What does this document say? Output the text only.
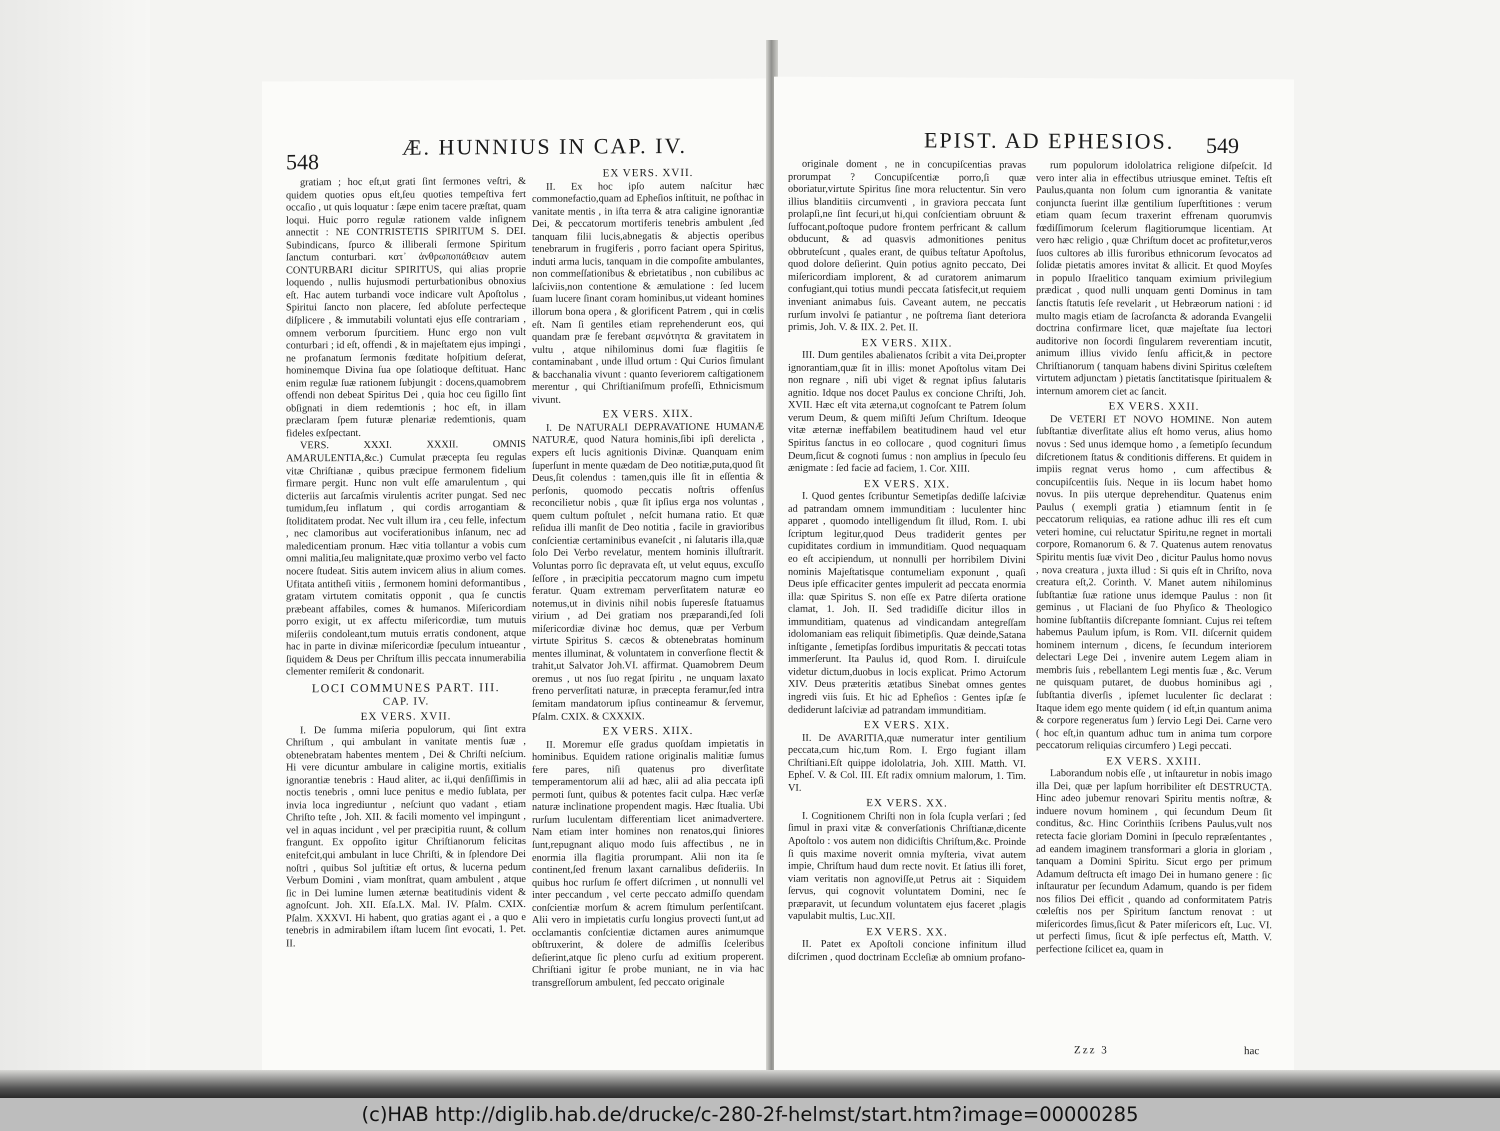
548
Æ. HUNNIUS IN CAP. IV.

gratiam ; hoc eſt,ut grati ſint ſermones veſtri, & quidem quoties opus eſt,ſeu quoties tempeſtiva fert occaſio , ut quis loquatur : ſæpe enim tacere præſtat, quam loqui. Huic porro regulæ rationem valde inſignem annectit : NE CONTRISTETIS SPIRITUM S. DEI. Subindicans, ſpurco & illiberali ſermone Spiritum ſanctum conturbari. κατ᾽ ἀνθρωποπάθειαν autem CONTURBARI dicitur SPIRITUS, qui alias proprie loquendo , nullis hujusmodi perturbationibus obnoxius eſt. Hac autem turbandi voce indicare vult Apoſtolus , Spiritui ſancto non placere, ſed abſolute perfecteque diſplicere , & immutabili voluntati ejus eſſe contrariam , omnem verborum ſpurcitiem. Hunc ergo non vult conturbari ; id eſt, offendi , & in majeſtatem ejus impingi , ne profanatum ſermonis fœditate hoſpitium deſerat, hominemque Divina ſua ope ſolatioque deſtituat. Hanc enim regulæ ſuæ rationem ſubjungit : docens,quamobrem offendi non debeat Spiritus Dei , quia hoc ceu ſigillo ſint obſignati in diem redemtionis ; hoc eſt, in illam præclaram ſpem futuræ plenariæ redemtionis, quam fideles exſpectant.

VERS. XXXI. XXXII. OMNIS AMARULENTIA,&c.) Cumulat præcepta ſeu regulas vitæ Chriſtianæ , quibus præcipue fermonem fidelium firmare pergit. Hunc non vult eſſe amarulentum , qui dicteriis aut ſarcaſmis virulentis acriter pungat. Sed nec tumidum,ſeu inflatum , qui cordis arrogantiam & ſtoliditatem prodat. Nec vult illum ira , ceu felle, infectum , nec clamoribus aut vociferationibus inſanum, nec ad maledicentiam pronum. Hæc vitia tollantur a vobis cum omni malitia,ſeu malignitate,quæ proximo verbo vel facto nocere ſtudeat. Sitis autem invicem alius in alium comes. Ufitata antitheſi vitiis , ſermonem homini deformantibus , gratam virtutem comitatis opponit , qua ſe cunctis præbeant affabiles, comes & humanos. Miſericordiam porro exigit, ut ex affectu miſericordiæ, tum mutuis miſeriis condoleant,tum mutuis erratis condonent, atque hac in parte in divinæ miſericordiæ ſpeculum intueantur , ſiquidem & Deus per Chriſtum illis peccata innumerabilia clementer remiſerit & condonarit.

LOCI COMMUNES PART. III.

CAP. IV.

EX VERS. XVII.

I. De ſumma miſeria populorum, qui ſint extra Chriſtum , qui ambulant in vanitate mentis ſuæ , obtenebratam habentes mentem , Dei & Chriſti neſcium. Hi vere dicuntur ambulare in caligine mortis, exitialis ignorantiæ tenebris : Haud aliter, ac ii,qui denſiſſimis in noctis tenebris , omni luce penitus e medio ſublata, per invia loca ingrediuntur , neſciunt quo vadant , etiam Chriſto teſte , Joh. XII. & facili momento vel impingunt , vel in aquas incidunt , vel per præcipitia ruunt, & collum frangunt. Ex oppoſito igitur Chriſtianorum felicitas enitefcit,qui ambulant in luce Chriſti, & in ſplendore Dei noſtri , quibus Sol juſtitiæ eſt ortus, & lucerna pedum Verbum Domini , viam monſtrat, quam ambulent , atque ſic in Dei lumine lumen æternæ beatitudinis vident & agnoſcunt. Joh. XII. Eſa.LX. Mal. IV. Pſalm. CXIX. Pſalm. XXXVI. Hi habent, quo gratias agant ei , a quo e tenebris in admirabilem iſtam lucem ſint evocati, 1. Pet. II.

EX VERS. XVII.

II. Ex hoc ipſo autem naſcitur hæc commonefactio,quam ad Epheſios inſtituit, ne poſthac in vanitate mentis , in iſta terra & atra caligine ignorantiæ Dei, & peccatorum mortiferis tenebris ambulent ,ſed tanquam filii lucis,abnegatis & abjectis operibus tenebrarum in frugiferis , porro faciant opera Spiritus, induti arma lucis, tanquam in die compoſite ambulantes, non commeſſationibus & ebrietatibus , non cubilibus ac laſciviis,non contentione & æmulatione : ſed lucem ſuam lucere ſinant coram hominibus,ut videant homines illorum bona opera , & glorificent Patrem , qui in cœlis eſt. Nam ſi gentiles etiam reprehenderunt eos, qui quandam præ ſe ferebant σεμνότητα & gravitatem in vultu , atque nihilominus domi ſuæ flagitiis ſe contaminabant , unde illud ortum : Qui Curios ſimulant & bacchanalia vivunt : quanto ſeveriorem caſtigationem merentur , qui Chriſtianiſmum profeſſi, Ethnicismum vivunt.

EX VERS. XIIX.

I. De NATURALI DEPRAVATIONE HUMANÆ NATURÆ, quod Natura hominis,ſibi ipſi derelicta , expers eſt lucis agnitionis Divinæ. Quanquam enim ſuperſunt in mente quædam de Deo notitiæ,puta,quod ſit Deus,ſit colendus : tamen,quis ille ſit in eſſentia & perſonis, quomodo peccatis noſtris offenſus reconcilietur nobis , quæ ſit ipſius erga nos voluntas , quem cultum poſtulet , neſcit humana ratio. Et quæ reſidua illi manſit de Deo notitia , facile in gravioribus conſcientiæ certaminibus evaneſcit , ni ſalutaris illa,quæ ſolo Dei Verbo revelatur, mentem hominis illuſtrarit. Voluntas porro ſic depravata eſt, ut velut equus, excuſſo ſeſſore , in præcipitia peccatorum magno cum impetu feratur. Quam extremam perverſitatem naturæ eo notemus,ut in divinis nihil nobis ſuperesſe ſtatuamus virium , ad Dei gratiam nos præparandi,ſed ſoli miſericordiæ divinæ hoc demus, quæ per Verbum virtute Spiritus S. cæcos & obtenebratas hominum mentes illuminat, & voluntatem in converſione flectit & trahit,ut Salvator Joh.VI. affirmat. Quamobrem Deum oremus , ut nos ſuo regat ſpiritu , ne unquam laxato freno perverſitati naturæ, in præcepta feramur,ſed intra ſemitam mandatorum ipſius contineamur & ſervemur, Pſalm. CXIX. & CXXXIX.

EX VERS. XIIX.

II. Moremur eſſe gradus quoſdam impietatis in hominibus. Equidem ratione originalis malitiæ ſumus fere pares, niſi quatenus pro diverſitate temperamentorum alii ad hæc, alii ad alia peccata ipſi permoti ſunt, quibus & potentes facit culpa. Hæc verſæ naturæ inclinatione propendent magis. Hæc ſtualia. Ubi rurſum luculentam differentiam licet animadvertere. Nam etiam inter homines non renatos,qui ſiniores ſunt,repugnant aliquo modo ſuis affectibus , ne in enormia illa flagitia prorumpant. Alii non ita ſe continent,ſed frenum laxant carnalibus deſideriis. In quibus hoc rurſum ſe offert diſcrimen , ut nonnulli vel inter peccandum , vel certe peccato admiſſo quendam conſcientiæ morſum & acrem ſtimulum perſentiſcant. Alii vero in impietatis curſu longius provecti ſunt,ut ad occlamantis conſcientiæ dictamen aures animumque obſtruxerint, & dolere de admiſſis ſceleribus deſierint,atque ſic pleno curſu ad exitium properent. Chriſtiani igitur ſe probe muniant, ne in via hac transgreſſorum ambulent, ſed peccato originale

EPIST. AD EPHESIOS. 549

originale doment , ne in concupiſcentias pravas prorumpat ? Concupiſcentiæ porro,ſi quæ oboriatur,virtute Spiritus ſine mora reluctentur. Sin vero illius blanditiis circumventi , in graviora peccata ſunt prolapſi,ne ſint ſecuri,ut hi,qui conſcientiam obruunt & ſuffocant,poſtoque pudore frontem perfricant & callum obducunt, & ad quasvis admonitiones penitus obbruteſcunt , quales erant, de quibus teſtatur Apoſtolus, quod dolore deſierint. Quin potius agnito peccato, Dei miſericordiam implorent, & ad curatorem animarum confugiant,qui totius mundi peccata ſatisfecit,ut requiem inveniant animabus ſuis. Caveant autem, ne peccatis rurſum involvi ſe patiantur , ne poſtrema ſiant deteriora primis, Joh. V. & IIX. 2. Pet. II.

EX VERS. XIIX.

III. Dum gentiles abalienatos ſcribit a vita Dei,propter ignorantiam,quæ ſit in illis: monet Apoſtolus vitam Dei non regnare , niſi ubi viget & regnat ipſius ſalutaris agnitio. Idque nos docet Paulus ex concione Chriſti, Joh. XVII. Hæc eſt vita æterna,ut cognoſcant te Patrem ſolum verum Deum, & quem miſiſti Jeſum Chriſtum. Ideoque vitæ æternæ ineffabilem beatitudinem haud vel etur Spiritus ſanctus in eo collocare , quod cognituri ſimus Deum,ſicut & cognoti ſumus : non amplius in ſpeculo ſeu ænigmate : ſed facie ad faciem, 1. Cor. XIII.

EX VERS. XIX.

I. Quod gentes ſcribuntur Semetipſas dediſſe laſciviæ ad patrandam omnem immunditiam : luculenter hinc apparet , quomodo intelligendum ſit illud, Rom. I. ubi ſcriptum legitur,quod Deus tradiderit gentes per cupiditates cordium in immunditiam. Quod nequaquam eo eſt accipiendum, ut nonnulli per horribilem Divini nominis Majeſtatisque contumeliam exponunt , quaſi Deus ipſe efficaciter gentes impulerit ad peccata enormia illa: quæ Spiritus S. non eſſe ex Patre diſerta oratione clamat, 1. Joh. II. Sed tradidiſſe dicitur illos in immunditiam, quatenus ad vindicandam antegreſſam idolomaniam eas reliquit ſibimetipſis. Quæ deinde,Satana inſtigante , ſemetipſas ſordibus impuritatis & peccati totas immerſerunt. Ita Paulus id, quod Rom. I. diruiſcule videtur dictum,duobus in locis explicat. Primo Actorum XIV. Deus præteritis ætatibus Sinebat omnes gentes ingredi viis ſuis. Et hic ad Epheſios : Gentes ipſæ ſe dediderunt laſciviæ ad patrandam immunditiam.

EX VERS. XIX.

II. De AVARITIA,quæ numeratur inter gentilium peccata,cum hic,tum Rom. I. Ergo fugiant illam Chriſtiani.Eſt quippe idololatria, Joh. XIII. Matth. VI. Epheſ. V. & Col. III. Eſt radix omnium malorum, 1. Tim. VI.

EX VERS. XX.

I. Cognitionem Chriſti non in ſola ſcupla verſari ; ſed ſimul in praxi vitæ & converſationis Chriſtianæ,dicente Apoſtolo : vos autem non didiciſtis Chriſtum,&c. Proinde ſi quis maxime noverit omnia myſteria, vivat autem impie, Chriſtum haud dum recte novit. Et ſatius illi foret, viam veritatis non agnoviſſe,ut Petrus ait : Siquidem ſervus, qui cognovit voluntatem Domini, nec ſe præparavit, ut ſecundum voluntatem ejus faceret ,plagis vapulabit multis, Luc.XII.

EX VERS. XX.

II. Patet ex Apoſtoli concione infinitum illud diſcrimen , quod doctrinam Eccleſiæ ab omnium profano-

rum populorum idololatrica religione diſpeſcit. Id vero inter alia in effectibus utriusque eminet. Teſtis eſt Paulus,quanta non ſolum cum ignorantia & vanitate conjuncta ſuerint illæ gentilium ſuperſtitiones : verum etiam quam ſecum traxerint effrenam quorumvis fœdiſſimorum ſcelerum flagitiorumque licentiam. At vero hæc religio , quæ Chriſtum docet ac profitetur,veros ſuos cultores ab illis furoribus ethnicorum ſevocatos ad ſolidæ pietatis amores invitat & allicit. Et quod Moyſes in populo Iſraelitico tanquam eximium privilegium prædicat , quod nulli unquam genti Dominus in tam ſanctis ſtatutis ſeſe revelarit , ut Hebræorum nationi : id multo magis etiam de ſacroſancta & adoranda Evangelii doctrina confirmare licet, quæ majeſtate ſua lectori auditorive non ſocordi ſingularem reverentiam incutit, animum illius vivido ſenſu afficit,& in pectore Chriſtianorum ( tanquam habens divini Spiritus cœleſtem virtutem adjunctam ) pietatis ſanctitatisque ſpiritualem & internum amorem ciet ac ſancit.

EX VERS. XXII.

De VETERI ET NOVO HOMINE. Non autem ſubſtantiæ diverſitate alius eſt homo verus, alius homo novus : Sed unus idemque homo , a ſemetipſo ſecundum diſcretionem ſtatus & conditionis differens. Et quidem in impiis regnat verus homo , cum affectibus & concupiſcentiis ſuis. Neque in iis locum habet homo novus. In piis uterque deprehenditur. Quatenus enim Paulus ( exempli gratia ) etiamnum ſentit in ſe peccatorum reliquias, ea ratione adhuc illi res eſt cum veteri homine, cui reluctatur Spiritu,ne regnet in mortali corpore, Romanorum 6. & 7. Quatenus autem renovatus Spiritu mentis ſuæ vivit Deo , dicitur Paulus homo novus , nova creatura , juxta illud : Si quis eſt in Chriſto, nova creatura eſt,2. Corinth. V. Manet autem nihilominus ſubſtantiæ ſuæ ratione unus idemque Paulus : non ſit geminus , ut Flaciani de ſuo Phyſico & Theologico homine ſubſtantiis diſcrepante ſomniant. Cujus rei teſtem habemus Paulum ipſum, is Rom. VII. diſcernit quidem hominem internum , dicens, ſe ſecundum interiorem delectari Lege Dei , invenire autem Legem aliam in membris ſuis , rebellantem Legi mentis ſuæ , &c. Verum ne quisquam putaret, de duobus hominibus agi , ſubſtantia diverſis , ipſemet luculenter ſic declarat : Itaque idem ego mente quidem ( id eſt,in quantum anima & corpore regeneratus ſum ) ſervio Legi Dei. Carne vero ( hoc eſt,in quantum adhuc tum in anima tum corpore peccatorum reliquias circumfero ) Legi peccati.

EX VERS. XXIII.

Laborandum nobis eſſe , ut inſtauretur in nobis imago illa Dei, quæ per lapſum horribiliter eſt DESTRUCTA. Hinc adeo jubemur renovari Spiritu mentis noſtræ, & induere novum hominem , qui ſecundum Deum ſit conditus, &c. Hinc Corinthiis ſcribens Paulus,vult nos retecta facie gloriam Domini in ſpeculo repræſentantes , ad eandem imaginem transformari a gloria in gloriam , tanquam a Domini Spiritu. Sicut ergo per primum Adamum deſtructa eſt imago Dei in humano genere : ſic inſtauratur per ſecundum Adamum, quando is per fidem nos filios Dei efficit , quando ad conformitatem Patris cœleſtis nos per Spiritum ſanctum renovat : ut miſericordes ſimus,ſicut & Pater miſericors eſt, Luc. VI. ut perfecti ſimus, ſicut & ipſe perfectus eſt, Matth. V. perfectione ſcilicet ea, quam in

Zzz 3	hac
(c)HAB http://diglib.hab.de/drucke/c-280-2f-helmst/start.htm?image=00000285
